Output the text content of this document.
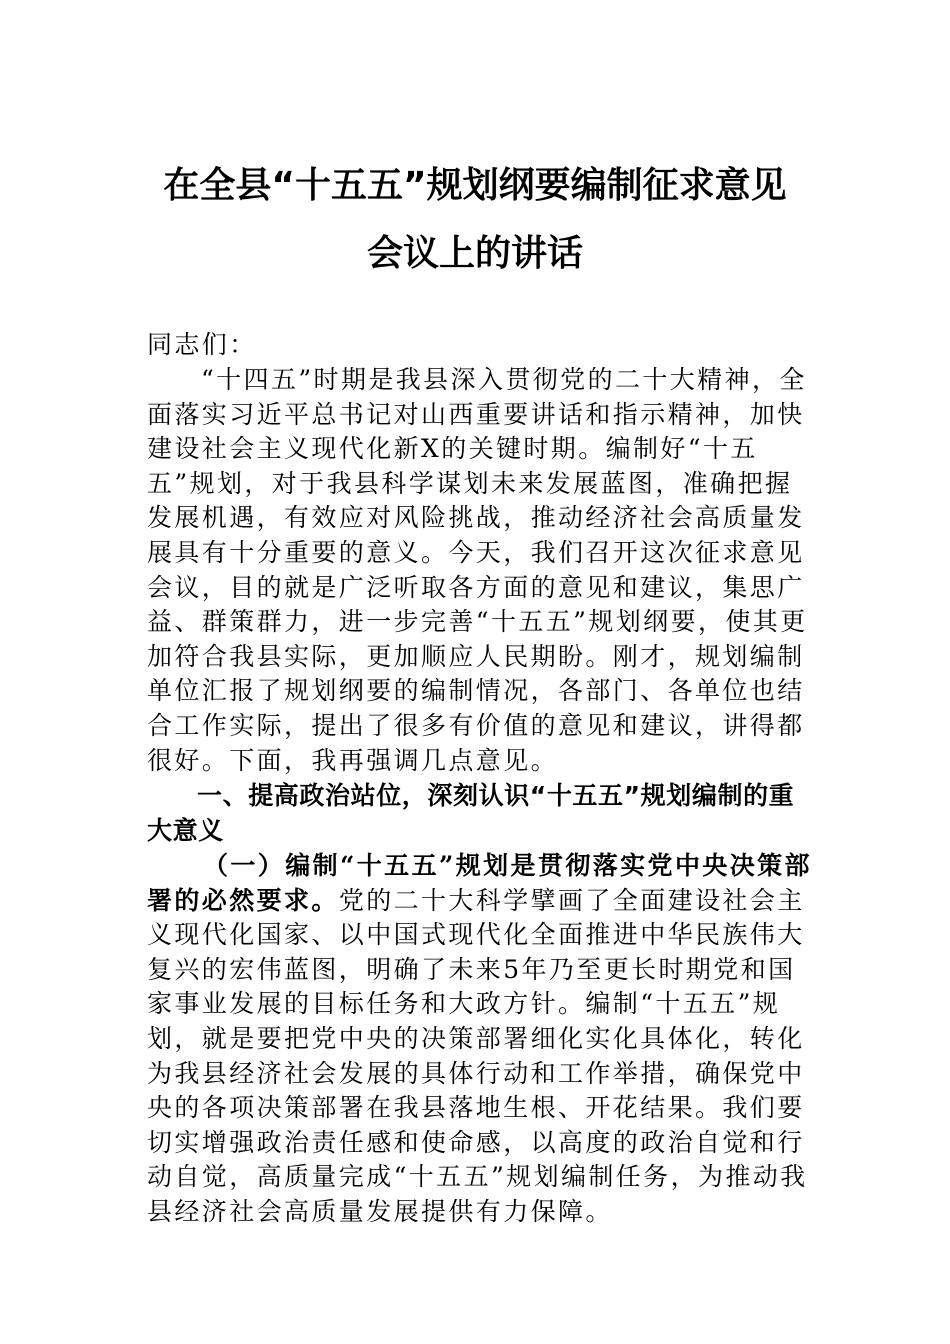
在全县“十五五”规划纲要编制征求意见
会议上的讲话

同志们：

“十四五”时期是我县深入贯彻党的二十大精神，全面落实习近平总书记对山西重要讲话和指示精神，加快建设社会主义现代化新X的关键时期。编制好“十五五”规划，对于我县科学谋划未来发展蓝图，准确把握发展机遇，有效应对风险挑战，推动经济社会高质量发展具有十分重要的意义。今天，我们召开这次征求意见会议，目的就是广泛听取各方面的意见和建议，集思广益、群策群力，进一步完善“十五五”规划纲要，使其更加符合我县实际，更加顺应人民期盼。刚才，规划编制单位汇报了规划纲要的编制情况，各部门、各单位也结合工作实际，提出了很多有价值的意见和建议，讲得都很好。下面，我再强调几点意见。

一、提高政治站位，深刻认识“十五五”规划编制的重大意义

（一）编制“十五五”规划是贯彻落实党中央决策部署的必然要求。党的二十大科学擘画了全面建设社会主义现代化国家、以中国式现代化全面推进中华民族伟大复兴的宏伟蓝图，明确了未来5年乃至更长时期党和国家事业发展的目标任务和大政方针。编制“十五五”规划，就是要把党中央的决策部署细化实化具体化，转化为我县经济社会发展的具体行动和工作举措，确保党中央的各项决策部署在我县落地生根、开花结果。我们要切实增强政治责任感和使命感，以高度的政治自觉和行动自觉，高质量完成“十五五”规划编制任务，为推动我县经济社会高质量发展提供有力保障。
